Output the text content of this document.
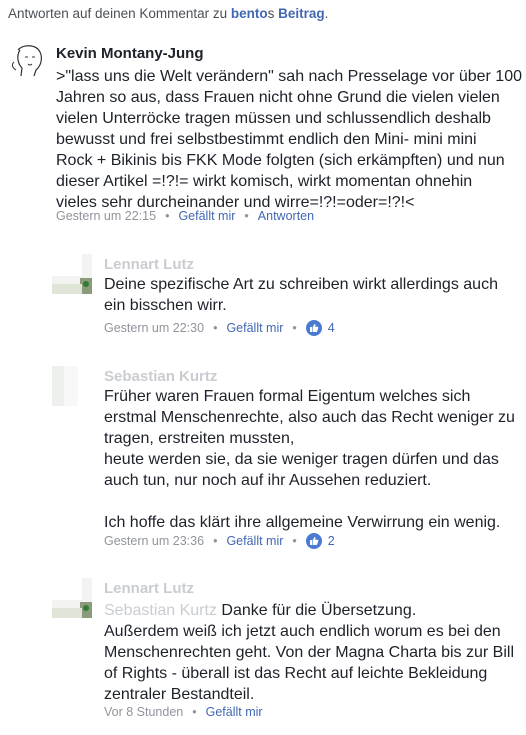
Antworten auf deinen Kommentar zu bentos Beitrag.
Kevin Montany-Jung
>"lass uns die Welt verändern" sah nach Presselage vor über 100
Jahren so aus, dass Frauen nicht ohne Grund die vielen vielen
vielen Unterröcke tragen müssen und schlussendlich deshalb
bewusst und frei selbstbestimmt endlich den Mini- mini mini
Rock + Bikinis bis FKK Mode folgten (sich erkämpften) und nun
dieser Artikel =!?!= wirkt komisch, wirkt momentan ohnehin
vieles sehr durcheinander und wirre=!?!=oder=!?!<
Gestern um 22:15 • Gefällt mir • Antworten
Lennart Lutz
Deine spezifische Art zu schreiben wirkt allerdings auch
ein bisschen wirr.
Gestern um 22:30 • Gefällt mir • 4
Sebastian Kurtz
Früher waren Frauen formal Eigentum welches sich
erstmal Menschenrechte, also auch das Recht weniger zu
tragen, erstreiten mussten,
heute werden sie, da sie weniger tragen dürfen und das
auch tun, nur noch auf ihr Aussehen reduziert.

Ich hoffe das klärt ihre allgemeine Verwirrung ein wenig.
Gestern um 23:36 • Gefällt mir • 2
Lennart Lutz
Sebastian Kurtz Danke für die Übersetzung.
Außerdem weiß ich jetzt auch endlich worum es bei den
Menschenrechten geht. Von der Magna Charta bis zur Bill
of Rights - überall ist das Recht auf leichte Bekleidung
zentraler Bestandteil.
Vor 8 Stunden • Gefällt mir
